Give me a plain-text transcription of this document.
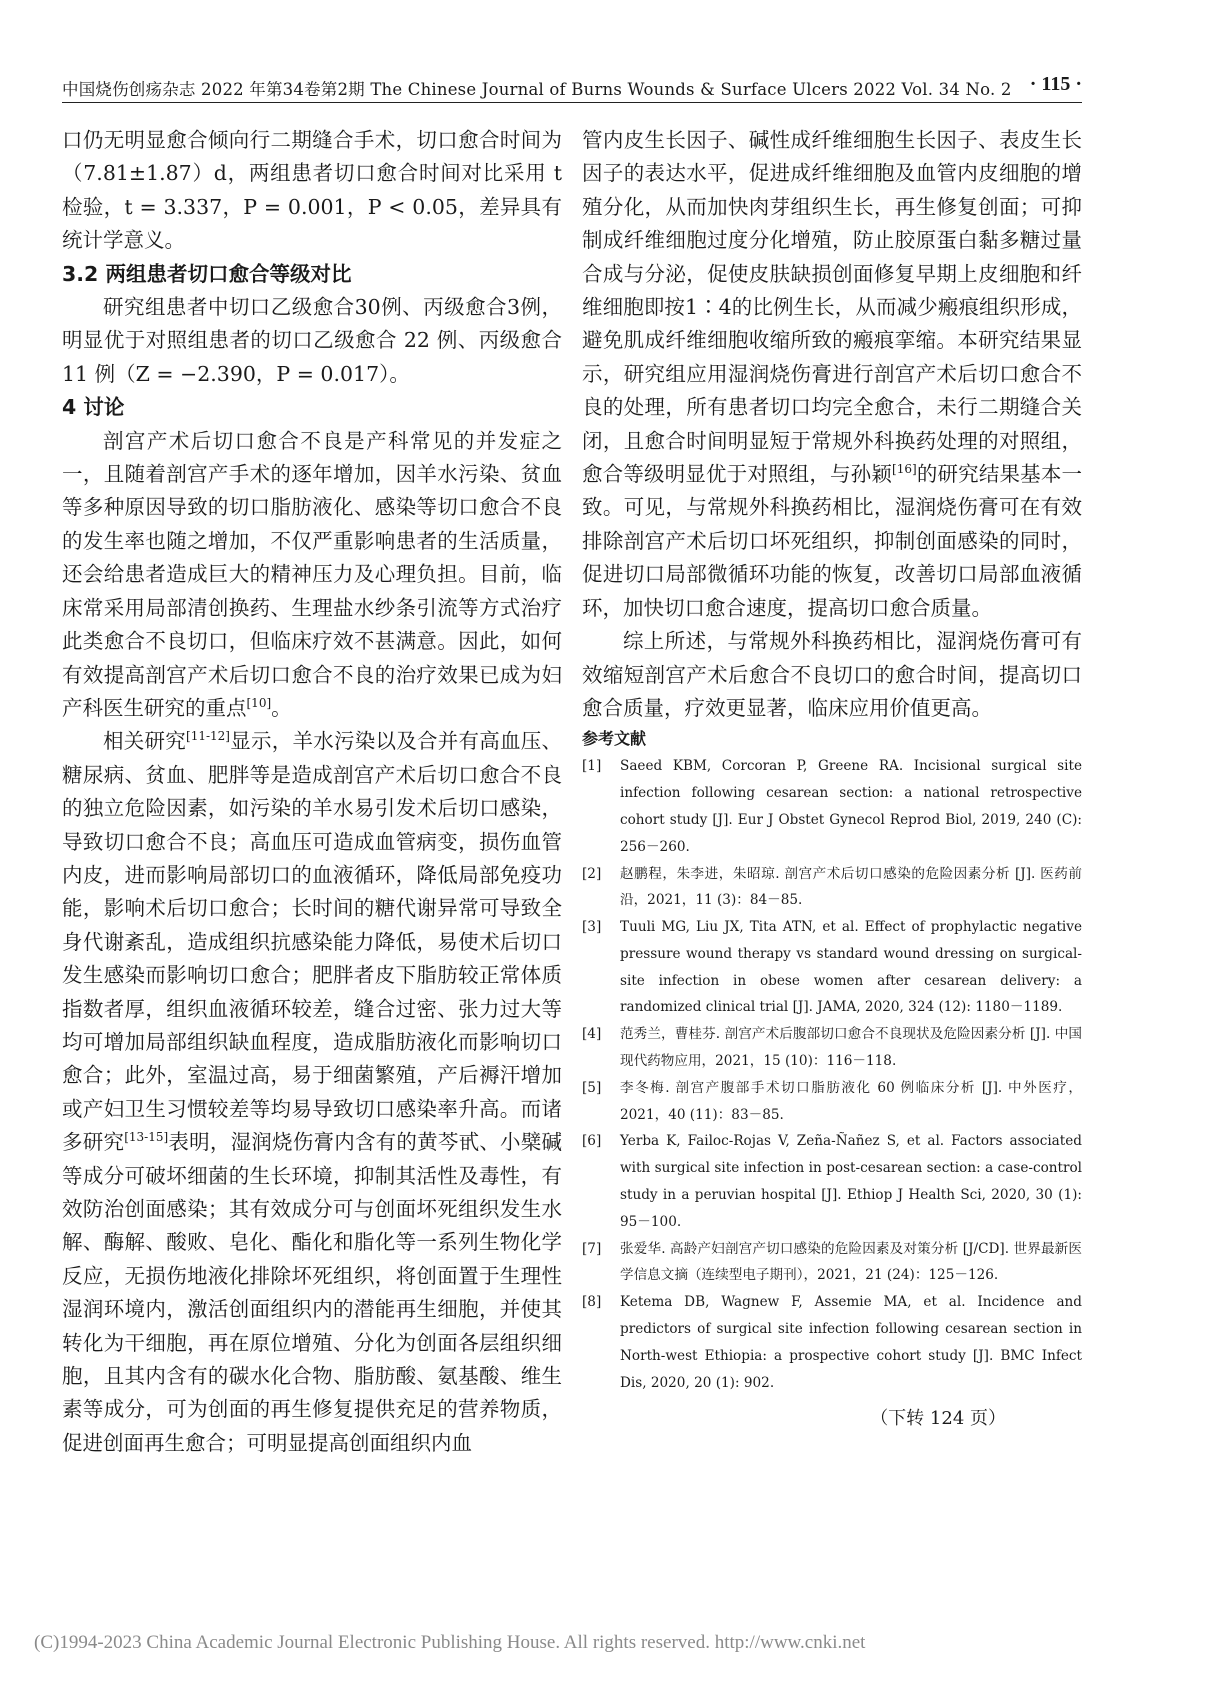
中国烧伤创疡杂志 2022 年第34卷第2期 The Chinese Journal of Burns Wounds & Surface Ulcers 2022 Vol. 34 No. 2 · 115 ·

口仍无明显愈合倾向行二期缝合手术，切口愈合时间为（7.81±1.87）d，两组患者切口愈合时间对比采用 t 检验，t = 3.337，P = 0.001，P < 0.05，差异具有统计学意义。

3.2 两组患者切口愈合等级对比

研究组患者中切口乙级愈合30例、丙级愈合3例，明显优于对照组患者的切口乙级愈合 22 例、丙级愈合 11 例（Z = −2.390，P = 0.017）。

4 讨论

剖宫产术后切口愈合不良是产科常见的并发症之一，且随着剖宫产手术的逐年增加，因羊水污染、贫血等多种原因导致的切口脂肪液化、感染等切口愈合不良的发生率也随之增加，不仅严重影响患者的生活质量，还会给患者造成巨大的精神压力及心理负担。目前，临床常采用局部清创换药、生理盐水纱条引流等方式治疗此类愈合不良切口，但临床疗效不甚满意。因此，如何有效提高剖宫产术后切口愈合不良的治疗效果已成为妇产科医生研究的重点[10]。

相关研究[11-12]显示，羊水污染以及合并有高血压、糖尿病、贫血、肥胖等是造成剖宫产术后切口愈合不良的独立危险因素，如污染的羊水易引发术后切口感染，导致切口愈合不良；高血压可造成血管病变，损伤血管内皮，进而影响局部切口的血液循环，降低局部免疫功能，影响术后切口愈合；长时间的糖代谢异常可导致全身代谢紊乱，造成组织抗感染能力降低，易使术后切口发生感染而影响切口愈合；肥胖者皮下脂肪较正常体质指数者厚，组织血液循环较差，缝合过密、张力过大等均可增加局部组织缺血程度，造成脂肪液化而影响切口愈合；此外，室温过高，易于细菌繁殖，产后褥汗增加或产妇卫生习惯较差等均易导致切口感染率升高。而诸多研究[13-15]表明，湿润烧伤膏内含有的黄芩甙、小檗碱等成分可破坏细菌的生长环境，抑制其活性及毒性，有效防治创面感染；其有效成分可与创面坏死组织发生水解、酶解、酸败、皂化、酯化和脂化等一系列生物化学反应，无损伤地液化排除坏死组织，将创面置于生理性湿润环境内，激活创面组织内的潜能再生细胞，并使其转化为干细胞，再在原位增殖、分化为创面各层组织细胞，且其内含有的碳水化合物、脂肪酸、氨基酸、维生素等成分，可为创面的再生修复提供充足的营养物质，促进创面再生愈合；可明显提高创面组织内血

管内皮生长因子、碱性成纤维细胞生长因子、表皮生长因子的表达水平，促进成纤维细胞及血管内皮细胞的增殖分化，从而加快肉芽组织生长，再生修复创面；可抑制成纤维细胞过度分化增殖，防止胶原蛋白黏多糖过量合成与分泌，促使皮肤缺损创面修复早期上皮细胞和纤维细胞即按1∶4的比例生长，从而减少瘢痕组织形成，避免肌成纤维细胞收缩所致的瘢痕挛缩。本研究结果显示，研究组应用湿润烧伤膏进行剖宫产术后切口愈合不良的处理，所有患者切口均完全愈合，未行二期缝合关闭，且愈合时间明显短于常规外科换药处理的对照组，愈合等级明显优于对照组，与孙颖[16]的研究结果基本一致。可见，与常规外科换药相比，湿润烧伤膏可在有效排除剖宫产术后切口坏死组织，抑制创面感染的同时，促进切口局部微循环功能的恢复，改善切口局部血液循环，加快切口愈合速度，提高切口愈合质量。

综上所述，与常规外科换药相比，湿润烧伤膏可有效缩短剖宫产术后愈合不良切口的愈合时间，提高切口愈合质量，疗效更显著，临床应用价值更高。

参考文献

[1]	Saeed KBM, Corcoran P, Greene RA. Incisional surgical site infection following cesarean section: a national retrospective cohort study [J]. Eur J Obstet Gynecol Reprod Biol, 2019, 240 (C): 256－260.
[2]	赵鹏程，朱李进，朱昭琼. 剖宫产术后切口感染的危险因素分析 [J]. 医药前沿，2021，11 (3)：84－85.
[3]	Tuuli MG, Liu JX, Tita ATN, et al. Effect of prophylactic negative pressure wound therapy vs standard wound dressing on surgical-site infection in obese women after cesarean delivery: a randomized clinical trial [J]. JAMA, 2020, 324 (12): 1180－1189.
[4]	范秀兰，曹桂芬. 剖宫产术后腹部切口愈合不良现状及危险因素分析 [J]. 中国现代药物应用，2021，15 (10)：116－118.
[5]	李冬梅. 剖宫产腹部手术切口脂肪液化 60 例临床分析 [J]. 中外医疗，2021，40 (11)：83－85.
[6]	Yerba K, Failoc-Rojas V, Zeña-Ñañez S, et al. Factors associated with surgical site infection in post-cesarean section: a case-control study in a peruvian hospital [J]. Ethiop J Health Sci, 2020, 30 (1): 95－100.
[7]	张爱华. 高龄产妇剖宫产切口感染的危险因素及对策分析 [J/CD]. 世界最新医学信息文摘（连续型电子期刊），2021，21 (24)：125－126.
[8]	Ketema DB, Wagnew F, Assemie MA, et al. Incidence and predictors of surgical site infection following cesarean section in North-west Ethiopia: a prospective cohort study [J]. BMC Infect Dis, 2020, 20 (1): 902.

（下转 124 页）

(C)1994-2023 China Academic Journal Electronic Publishing House. All rights reserved. http://www.cnki.net
